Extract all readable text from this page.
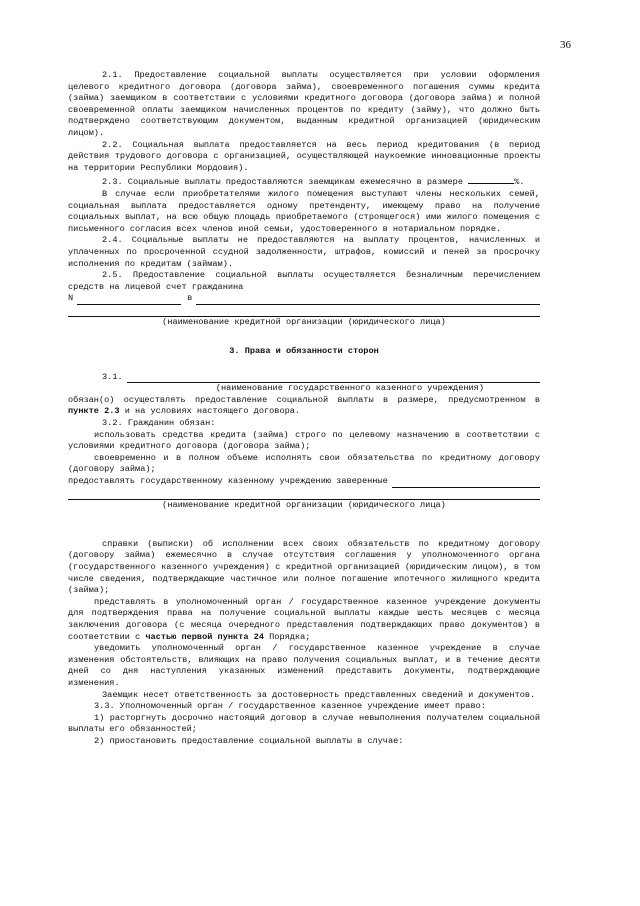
36

2.1. Предоставление социальной выплаты осуществляется при условии оформления целевого кредитного договора (договора займа), своевременного погашения суммы кредита (займа) заемщиком в соответствии с условиями кредитного договора (договора займа) и полной своевременной оплаты заемщиком начисленных процентов по кредиту (займу), что должно быть подтверждено соответствующим документом, выданным кредитной организацией (юридическим лицом).

2.2. Социальная выплата предоставляется на весь период кредитования (в период действия трудового договора с организацией, осуществляющей наукоемкие инновационные проекты на территории Республики Мордовия).

2.3. Социальные выплаты предоставляются заемщикам ежемесячно в размере	%.

В случае если приобретателями жилого помещения выступают члены нескольких семей, социальная выплата предоставляется одному претенденту, имеющему право на получение социальных выплат, на всю общую площадь приобретаемого (строящегося) ими жилого помещения с письменного согласия всех членов иной семьи, удостоверенного в нотариальном порядке.

2.4. Социальные выплаты не предоставляются на выплату процентов, начисленных и уплаченных по просроченной ссудной задолженности, штрафов, комиссий и пеней за просрочку исполнения по кредитам (займам).

2.5. Предоставление социальной выплаты осуществляется безналичным перечислением средств на лицевой счет гражданина

N	в

(наименование кредитной организации (юридического лица)

3. Права и обязанности сторон

3.1.

(наименование государственного казенного учреждения)

обязан(о) осуществлять предоставление социальной выплаты в размере, предусмотренном в пункте 2.3 и на условиях настоящего договора.

3.2. Гражданин обязан:

использовать средства кредита (займа) строго по целевому назначению в соответствии с условиями кредитного договора (договора займа);

своевременно и в полном объеме исполнять свои обязательства по кредитному договору (договору займа);

предоставлять государственному казенному учреждению заверенные

(наименование кредитной организации (юридического лица)

справки (выписки) об исполнении всех своих обязательств по кредитному договору (договору займа) ежемесячно в случае отсутствия соглашения у уполномоченного органа (государственного казенного учреждения) с кредитной организацией (юридическим лицом), в том числе сведения, подтверждающие частичное или полное погашение ипотечного жилищного кредита (займа);

представлять в уполномоченный орган / государственное казенное учреждение документы для подтверждения права на получение социальной выплаты каждые шесть месяцев с месяца заключения договора (с месяца очередного представления подтверждающих право документов) в соответствии с частью первой пункта 24 Порядка;

уведомить уполномоченный орган / государственное казенное учреждение в случае изменения обстоятельств, влияющих на право получения социальных выплат, и в течение десяти дней со дня наступления указанных изменений представить документы, подтверждающие изменения.

Заемщик несет ответственность за достоверность представленных сведений и документов.

3.3. Уполномоченный орган / государственное казенное учреждение имеет право:

1) расторгнуть досрочно настоящий договор в случае невыполнения получателем социальной выплаты его обязанностей;

2) приостановить предоставление социальной выплаты в случае:
